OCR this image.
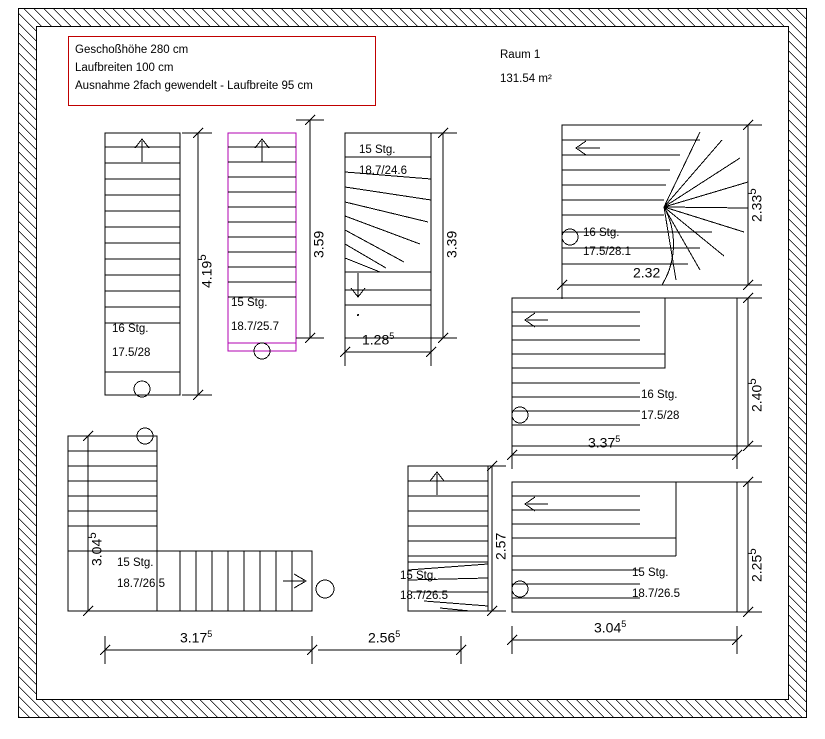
Geschoßhöhe 280 cm
Laufbreiten 100 cm
Ausnahme 2fach gewendelt - Laufbreite 95 cm
Raum 1
131.54 m²
16 Stg.
17.5/28
15 Stg.
18.7/25.7
15 Stg.
18.7/24.6
16 Stg.
17.5/28.1
16 Stg.
17.5/28
15 Stg.
18.7/26.5
15 Stg.
18.7/26.5
15 Stg.
18.7/26.5
4.19$^5$	3.59	3.39
2.33$^5$
2.40$^5$
2.25$^5$
3.04$^5$	2.57
1.28$^5$
2.32
3.37$^5$
3.17$^5$	2.56$^5$	3.04$^5$
